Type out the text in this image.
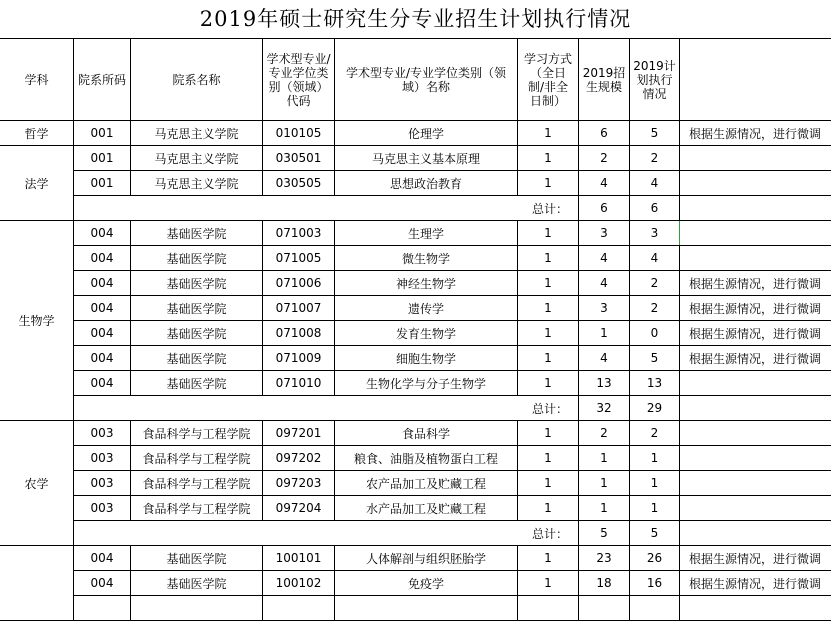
2019年硕士研究生分专业招生计划执行情况
学科	院系所码	院系名称	学术型专业/专业学位类别（领域）代码	学术型专业/专业学位类别（领域）名称	学习方式（全日制/非全日制）	2019招生规模	2019计划执行情况	
哲学	001	马克思主义学院	010105	伦理学	1	6	5	根据生源情况，进行微调
法学	001	马克思主义学院	030501	马克思主义基本原理	1	2	2	
	001	马克思主义学院	030505	思想政治教育	1	4	4	
	总计：					6	6	
生物学	004	基础医学院	071003	生理学	1	3	3	
	004	基础医学院	071005	微生物学	1	4	4	
	004	基础医学院	071006	神经生物学	1	4	2	根据生源情况，进行微调
	004	基础医学院	071007	遗传学	1	3	2	根据生源情况，进行微调
	004	基础医学院	071008	发育生物学	1	1	0	根据生源情况，进行微调
	004	基础医学院	071009	细胞生物学	1	4	5	根据生源情况，进行微调
	004	基础医学院	071010	生物化学与分子生物学	1	13	13	
	总计：					32	29	
农学	003	食品科学与工程学院	097201	食品科学	1	2	2	
	003	食品科学与工程学院	097202	粮食、油脂及植物蛋白工程	1	1	1	
	003	食品科学与工程学院	097203	农产品加工及贮藏工程	1	1	1	
	003	食品科学与工程学院	097204	水产品加工及贮藏工程	1	1	1	
	总计：					5	5	
	004	基础医学院	100101	人体解剖与组织胚胎学	1	23	26	根据生源情况，进行微调
	004	基础医学院	100102	免疫学	1	18	16	根据生源情况，进行微调
